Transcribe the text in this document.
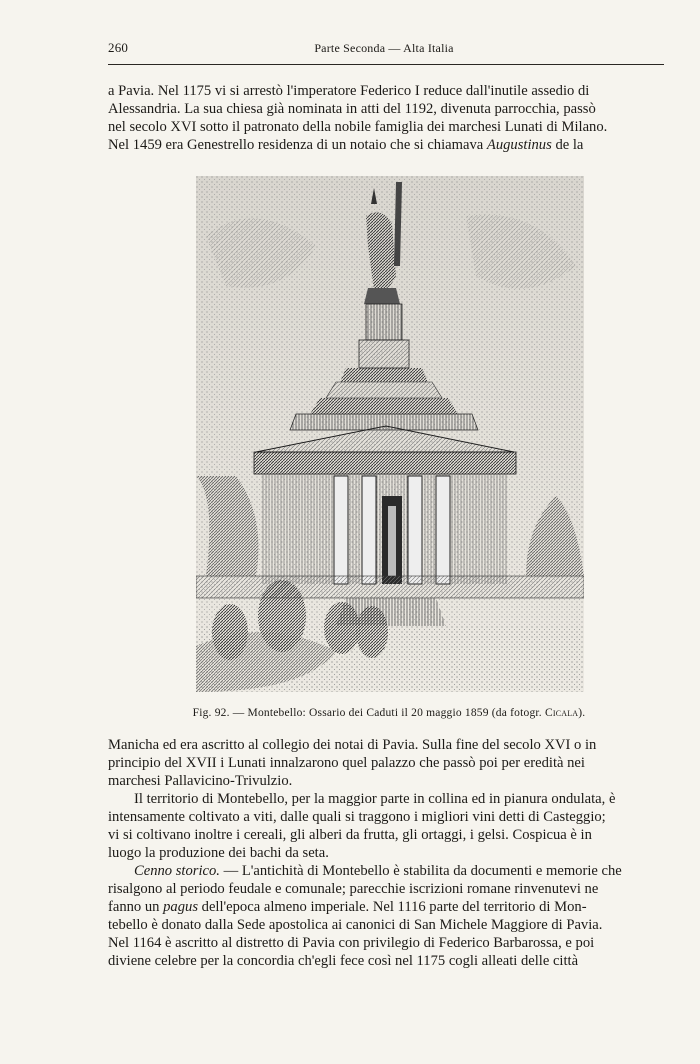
260	Parte Seconda — Alta Italia
a Pavia. Nel 1175 vi si arrestò l'imperatore Federico I reduce dall'inutile assedio di
Alessandria. La sua chiesa già nominata in atti del 1192, divenuta parrocchia, passò
nel secolo XVI sotto il patronato della nobile famiglia dei marchesi Lunati di Milano.
Nel 1459 era Genestrello residenza di un notaio che si chiamava Augustinus de la
Fig. 92. — Montebello: Ossario dei Caduti il 20 maggio 1859 (da fotogr. Cicala).
Manicha ed era ascritto al collegio dei notai di Pavia. Sulla fine del secolo XVI o in
principio del XVII i Lunati innalzarono quel palazzo che passò poi per eredità nei
marchesi Pallavicino-Trivulzio.
Il territorio di Montebello, per la maggior parte in collina ed in pianura ondulata, è
intensamente coltivato a viti, dalle quali si traggono i migliori vini detti di Casteggio;
vi si coltivano inoltre i cereali, gli alberi da frutta, gli ortaggi, i gelsi. Cospicua è in
luogo la produzione dei bachi da seta.
Cenno storico. — L'antichità di Montebello è stabilita da documenti e memorie che
risalgono al periodo feudale e comunale; parecchie iscrizioni romane rinvenutevi ne
fanno un pagus dell'epoca almeno imperiale. Nel 1116 parte del territorio di Mon-
tebello è donato dalla Sede apostolica ai canonici di San Michele Maggiore di Pavia.
Nel 1164 è ascritto al distretto di Pavia con privilegio di Federico Barbarossa, e poi
diviene celebre per la concordia ch'egli fece così nel 1175 cogli alleati delle città
